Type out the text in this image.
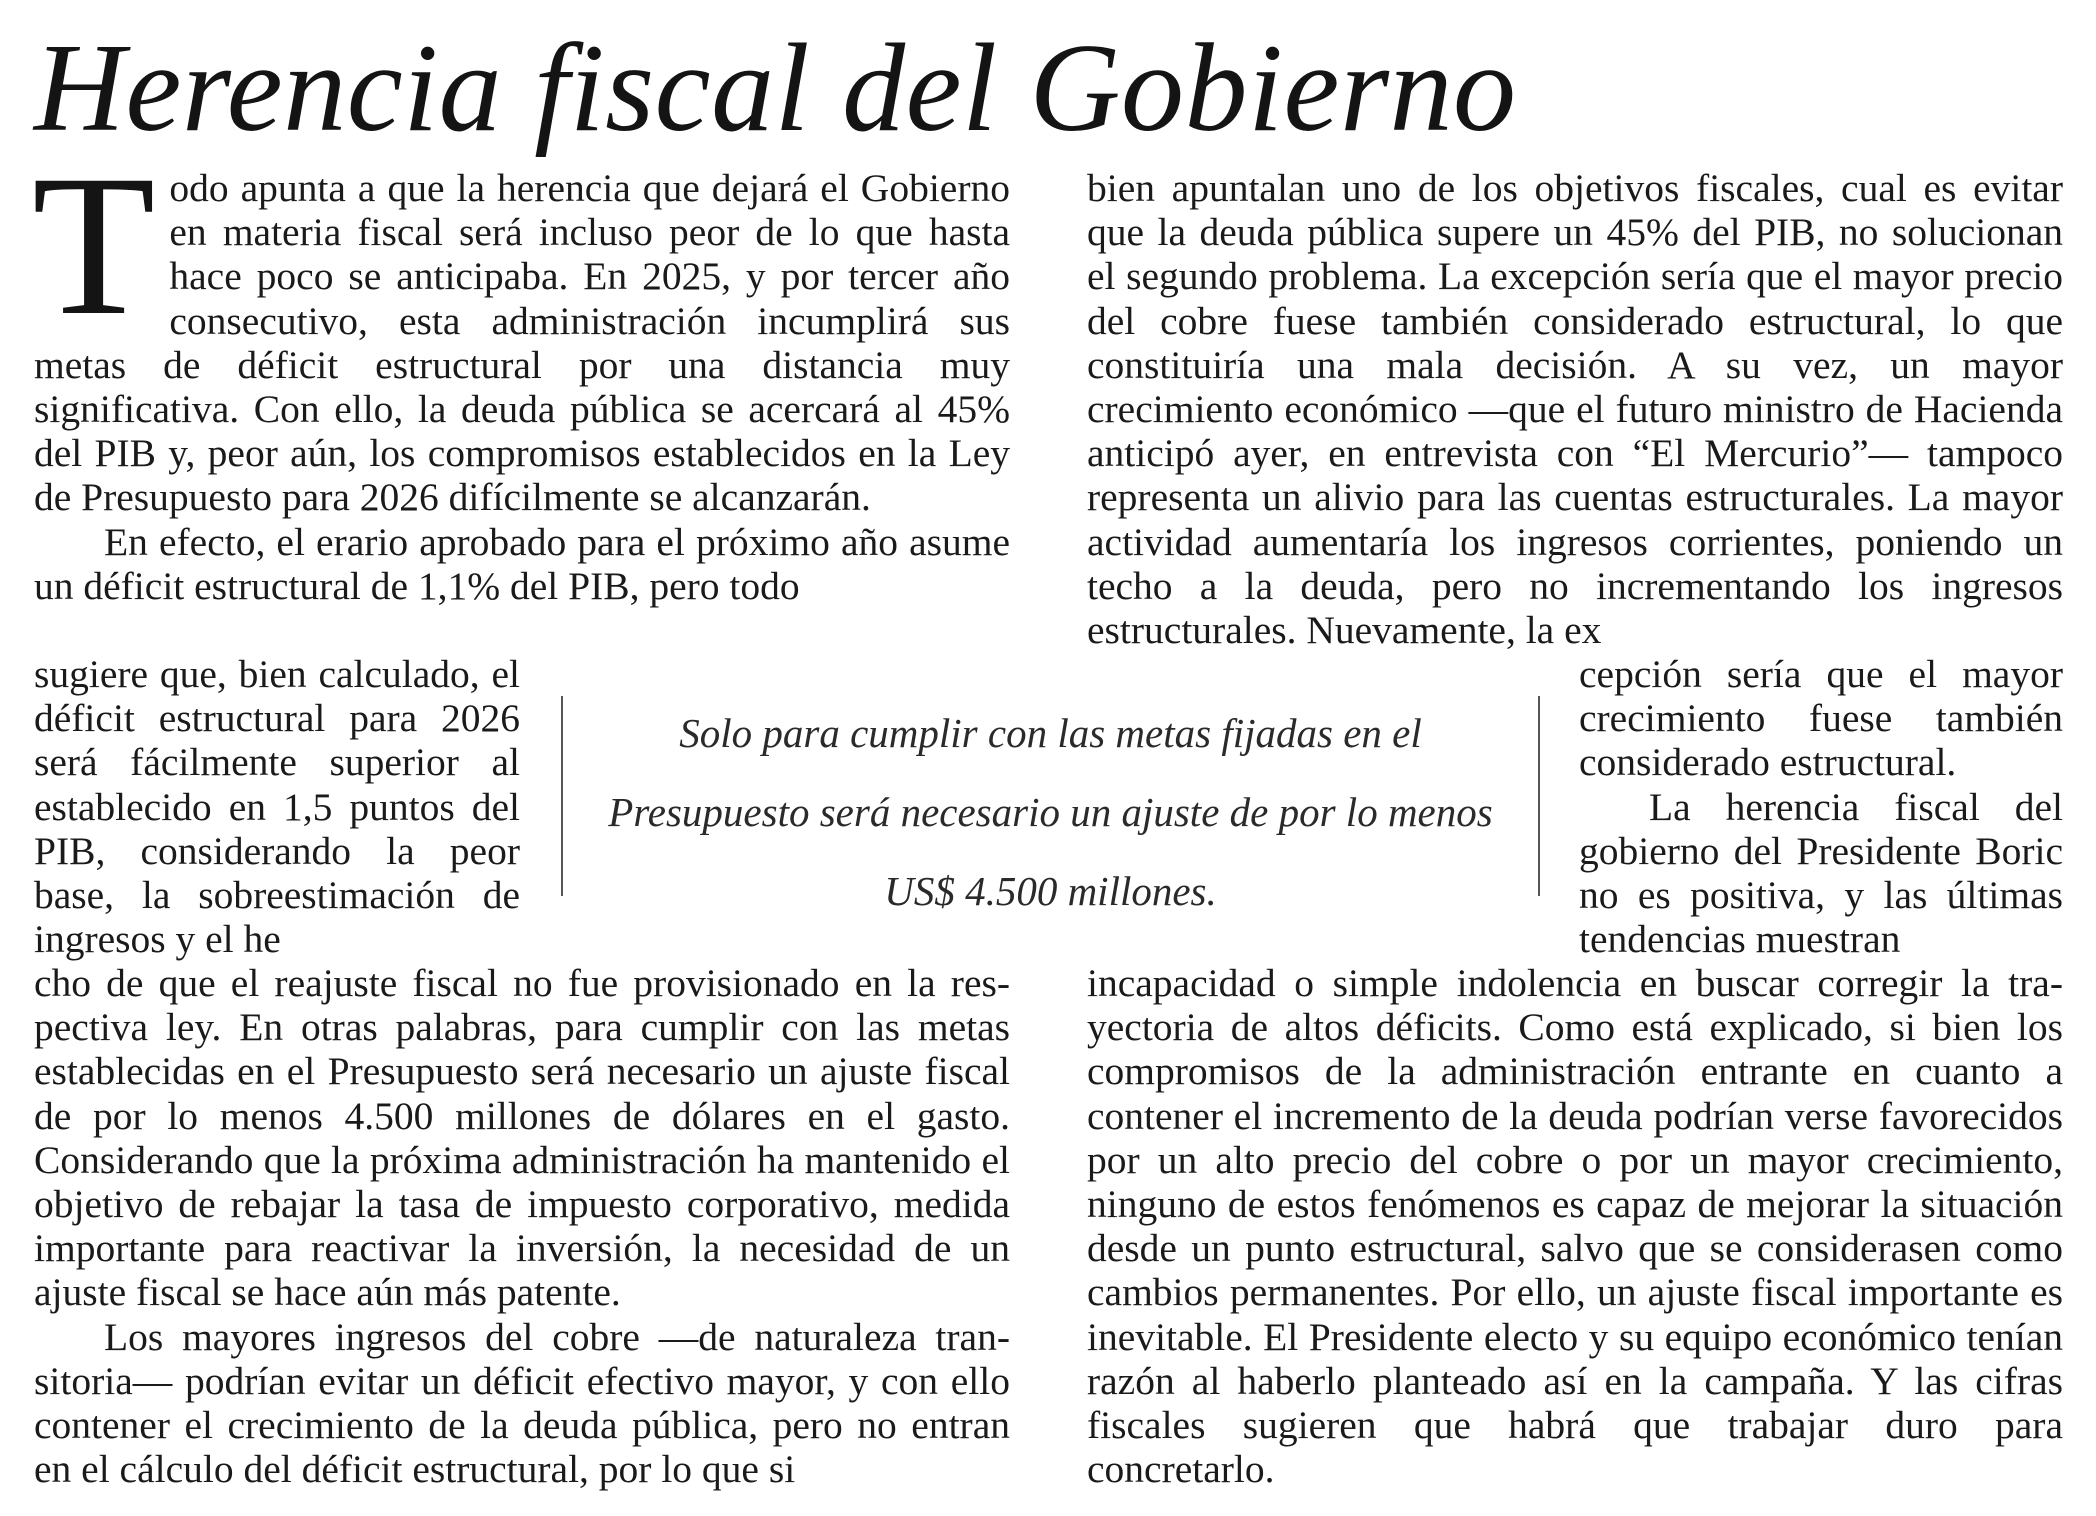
Herencia fiscal del Gobierno

Todo apunta a que la herencia que dejará el Gobierno en materia fiscal será incluso peor de lo que hasta hace poco se anticipaba. En 2025, y por tercer año consecutivo, esta administración incumplirá sus metas de déficit estructural por una distancia muy significativa. Con ello, la deuda pública se acercará al 45% del PIB y, peor aún, los compromisos establecidos en la Ley de Presupuesto para 2026 difícilmente se alcanzarán.

En efecto, el erario aprobado para el próximo año asume un déficit estructural de 1,1% del PIB, pero todo

sugiere que, bien calculado, el déficit estructural para 2026 será fácilmente superior al establecido en 1,5 puntos del PIB, considerando la peor base, la sobreestimación de ingresos y el he

cho de que el reajuste fiscal no fue provisionado en la respectiva ley. En otras palabras, para cumplir con las metas establecidas en el Presupuesto será necesario un ajuste fiscal de por lo menos 4.500 millones de dólares en el gasto. Considerando que la próxima administración ha mantenido el objetivo de rebajar la tasa de impuesto corporativo, medida importante para reactivar la inversión, la necesidad de un ajuste fiscal se hace aún más patente.

Los mayores ingresos del cobre —de naturaleza transitoria— podrían evitar un déficit efectivo mayor, y con ello contener el crecimiento de la deuda pública, pero no entran en el cálculo del déficit estructural, por lo que si

bien apuntalan uno de los objetivos fiscales, cual es evitar que la deuda pública supere un 45% del PIB, no solucionan el segundo problema. La excepción sería que el mayor precio del cobre fuese también considerado estructural, lo que constituiría una mala decisión. A su vez, un mayor crecimiento económico —que el futuro ministro de Hacienda anticipó ayer, en entrevista con “El Mercurio”— tampoco representa un alivio para las cuentas estructurales. La mayor actividad aumentaría los ingresos corrientes, poniendo un techo a la deuda, pero no incrementando los ingresos estructurales. Nuevamente, la ex

cepción sería que el mayor crecimiento fuese también considerado estructural.

La herencia fiscal del gobierno del Presidente Boric no es positiva, y las últimas tendencias muestran

incapacidad o simple indolencia en buscar corregir la trayectoria de altos déficits. Como está explicado, si bien los compromisos de la administración entrante en cuanto a contener el incremento de la deuda podrían verse favorecidos por un alto precio del cobre o por un mayor crecimiento, ninguno de estos fenómenos es capaz de mejorar la situación desde un punto estructural, salvo que se considerasen como cambios permanentes. Por ello, un ajuste fiscal importante es inevitable. El Presidente electo y su equipo económico tenían razón al haberlo planteado así en la campaña. Y las cifras fiscales sugieren que habrá que trabajar duro para concretarlo.

Solo para cumplir con las metas fijadas en el Presupuesto será necesario un ajuste de por lo menos US$ 4.500 millones.
